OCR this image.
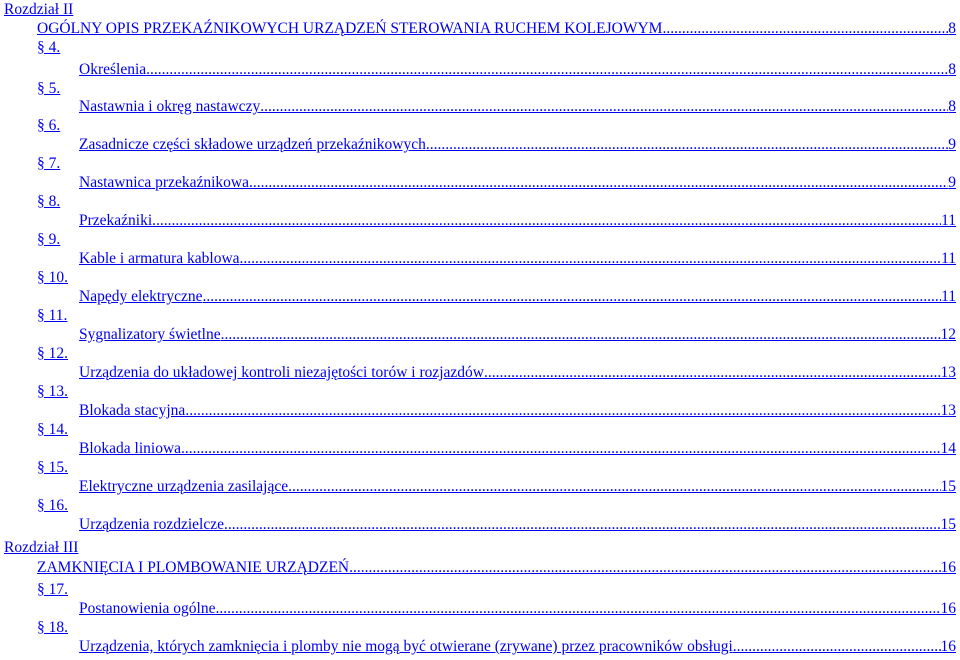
Rozdział II
OGÓLNY OPIS PRZEKAŹNIKOWYCH URZĄDZEŃ STEROWANIA RUCHEM KOLEJOWYM .....	8
§ 4.
Określenia .....	8
§ 5.
Nastawnia i okręg nastawczy .....	8
§ 6.
Zasadnicze części składowe urządzeń przekaźnikowych .....	9
§ 7.
Nastawnica przekaźnikowa .....	9
§ 8.
Przekaźniki .....	11
§ 9.
Kable i armatura kablowa .....	11
§ 10.
Napędy elektryczne .....	11
§ 11.
Sygnalizatory świetlne .....	12
§ 12.
Urządzenia do układowej kontroli niezajętości torów i rozjazdów .....	13
§ 13.
Blokada stacyjna .....	13
§ 14.
Blokada liniowa .....	14
§ 15.
Elektryczne urządzenia zasilające .....	15
§ 16.
Urządzenia rozdzielcze .....	15
Rozdział III
ZAMKNIĘCIA I PLOMBOWANIE URZĄDZEŃ .....	16
§ 17.
Postanowienia ogólne .....	16
§ 18.
Urządzenia, których zamknięcia i plomby nie mogą być otwierane (zrywane) przez pracowników obsługi .....	16
